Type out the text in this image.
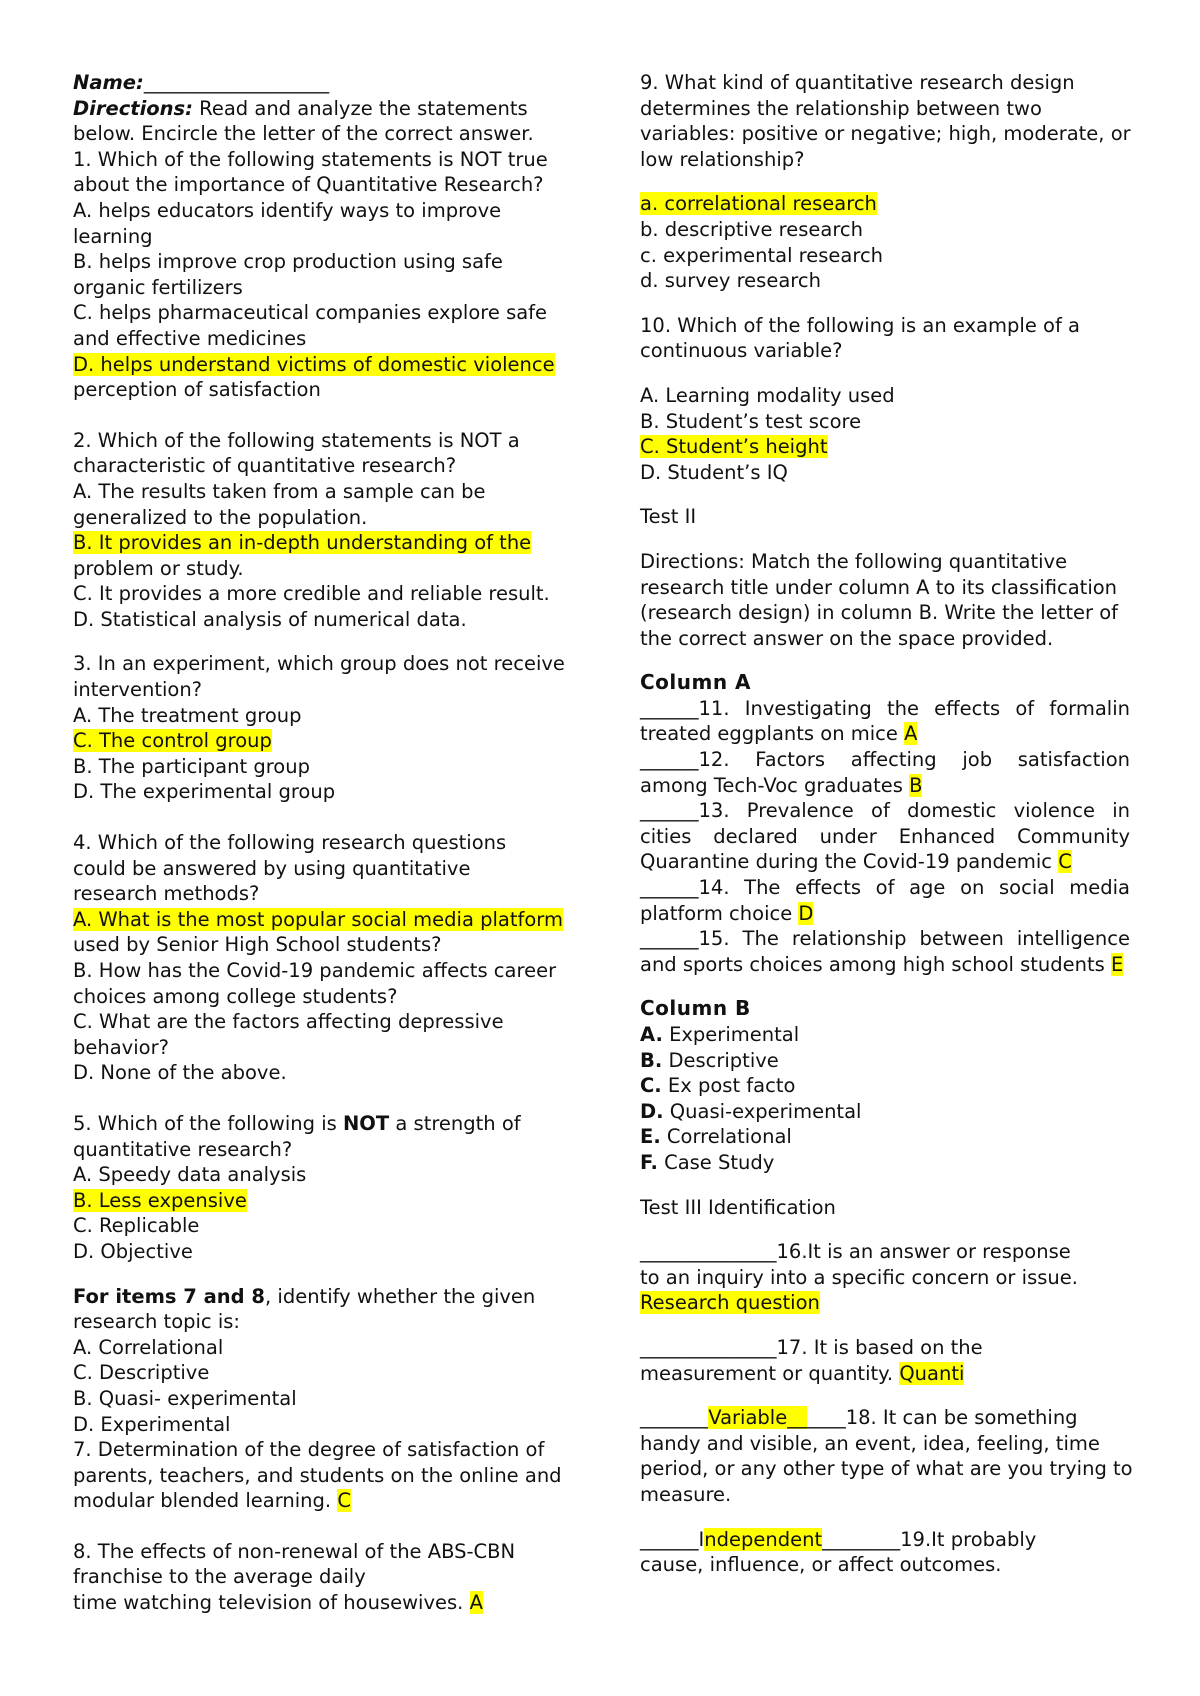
Name:___________________
Directions: Read and analyze the statements
below. Encircle the letter of the correct answer.
1. Which of the following statements is NOT true
about the importance of Quantitative Research?
A. helps educators identify ways to improve
learning
B. helps improve crop production using safe
organic fertilizers
C. helps pharmaceutical companies explore safe
and effective medicines
D. helps understand victims of domestic violence
perception of satisfaction
2. Which of the following statements is NOT a
characteristic of quantitative research?
A. The results taken from a sample can be
generalized to the population.
B. It provides an in-depth understanding of the
problem or study.
C. It provides a more credible and reliable result.
D. Statistical analysis of numerical data.
3. In an experiment, which group does not receive
intervention?
A. The treatment group
C. The control group
B. The participant group
D. The experimental group
4. Which of the following research questions
could be answered by using quantitative
research methods?
A. What is the most popular social media platform
used by Senior High School students?
B. How has the Covid-19 pandemic affects career
choices among college students?
C. What are the factors affecting depressive
behavior?
D. None of the above.
5. Which of the following is NOT a strength of
quantitative research?
A. Speedy data analysis
B. Less expensive
C. Replicable
D. Objective
For items 7 and 8, identify whether the given
research topic is:
A. Correlational
C. Descriptive
B. Quasi- experimental
D. Experimental
7. Determination of the degree of satisfaction of
parents, teachers, and students on the online and
modular blended learning. C
8. The effects of non-renewal of the ABS-CBN
franchise to the average daily
time watching television of housewives. A
9. What kind of quantitative research design
determines the relationship between two
variables: positive or negative; high, moderate, or
low relationship?
a. correlational research
b. descriptive research
c. experimental research
d. survey research
10. Which of the following is an example of a
continuous variable?
A. Learning modality used
B. Student’s test score
C. Student’s height
D. Student’s IQ
Test II
Directions: Match the following quantitative
research title under column A to its classification
(research design) in column B. Write the letter of
the correct answer on the space provided.
Column A
______11. Investigating the effects of formalin
treated eggplants on mice A
______12. Factors affecting job satisfaction
among Tech-Voc graduates B
______13. Prevalence of domestic violence in
cities declared under Enhanced Community
Quarantine during the Covid-19 pandemic C
______14. The effects of age on social media
platform choice D
______15. The relationship between intelligence
and sports choices among high school students E
Column B
A. Experimental
B. Descriptive
C. Ex post facto
D. Quasi-experimental
E. Correlational
F. Case Study
Test III Identification
______________16.It is an answer or response
to an inquiry into a specific concern or issue.
Research question
______________17. It is based on the
measurement or quantity. Quanti
_______Variable______18. It can be something
handy and visible, an event, idea, feeling, time
period, or any other type of what are you trying to
measure.
______Independent________19.It probably
cause, influence, or affect outcomes.
